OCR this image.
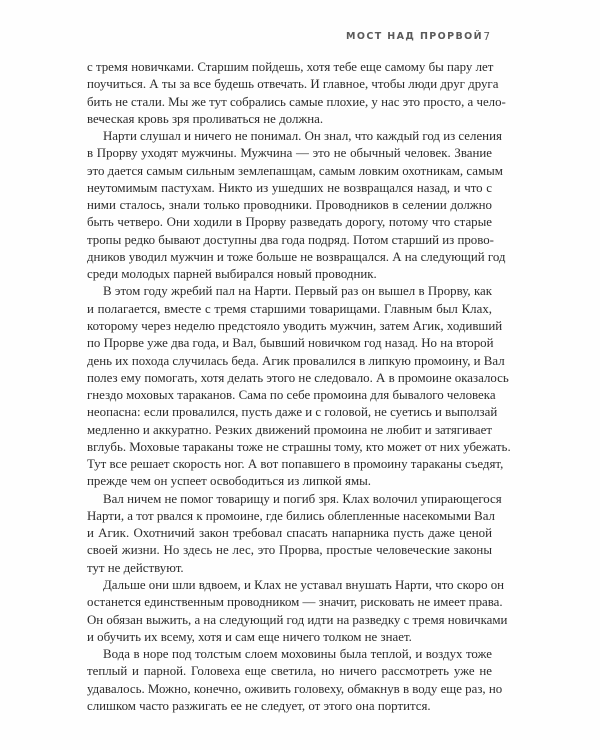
МОСТ НАД ПРОРВОЙ 7
с тремя новичками. Старшим пойдешь, хотя тебе еще самому бы пару лет
поучиться. А ты за все будешь отвечать. И главное, чтобы люди друг друга
бить не стали. Мы же тут собрались самые плохие, у нас это просто, а чело-
веческая кровь зря проливаться не должна.
Нарти слушал и ничего не понимал. Он знал, что каждый год из селения
в Прорву уходят мужчины. Мужчина — это не обычный человек. Звание
это дается самым сильным землепашцам, самым ловким охотникам, самым
неутомимым пастухам. Никто из ушедших не возвращался назад, и что с
ними сталось, знали только проводники. Проводников в селении должно
быть четверо. Они ходили в Прорву разведать дорогу, потому что старые
тропы редко бывают доступны два года подряд. Потом старший из прово-
дников уводил мужчин и тоже больше не возвращался. А на следующий год
среди молодых парней выбирался новый проводник.
В этом году жребий пал на Нарти. Первый раз он вышел в Прорву, как
и полагается, вместе с тремя старшими товарищами. Главным был Клах,
которому через неделю предстояло уводить мужчин, затем Агик, ходивший
по Прорве уже два года, и Вал, бывший новичком год назад. Но на второй
день их похода случилась беда. Агик провалился в липкую промоину, и Вал
полез ему помогать, хотя делать этого не следовало. А в промоине оказалось
гнездо моховых тараканов. Сама по себе промоина для бывалого человека
неопасна: если провалился, пусть даже и с головой, не суетись и выползай
медленно и аккуратно. Резких движений промоина не любит и затягивает
вглубь. Моховые тараканы тоже не страшны тому, кто может от них убежать.
Тут все решает скорость ног. А вот попавшего в промоину тараканы съедят,
прежде чем он успеет освободиться из липкой ямы.
Вал ничем не помог товарищу и погиб зря. Клах волочил упирающегося
Нарти, а тот рвался к промоине, где бились облепленные насекомыми Вал
и Агик. Охотничий закон требовал спасать напарника пусть даже ценой
своей жизни. Но здесь не лес, это Прорва, простые человеческие законы
тут не действуют.
Дальше они шли вдвоем, и Клах не уставал внушать Нарти, что скоро он
останется единственным проводником — значит, рисковать не имеет права.
Он обязан выжить, а на следующий год идти на разведку с тремя новичками
и обучить их всему, хотя и сам еще ничего толком не знает.
Вода в норе под толстым слоем моховины была теплой, и воздух тоже
теплый и парной. Головеха еще светила, но ничего рассмотреть уже не
удавалось. Можно, конечно, оживить головеху, обмакнув в воду еще раз, но
слишком часто разжигать ее не следует, от этого она портится.
